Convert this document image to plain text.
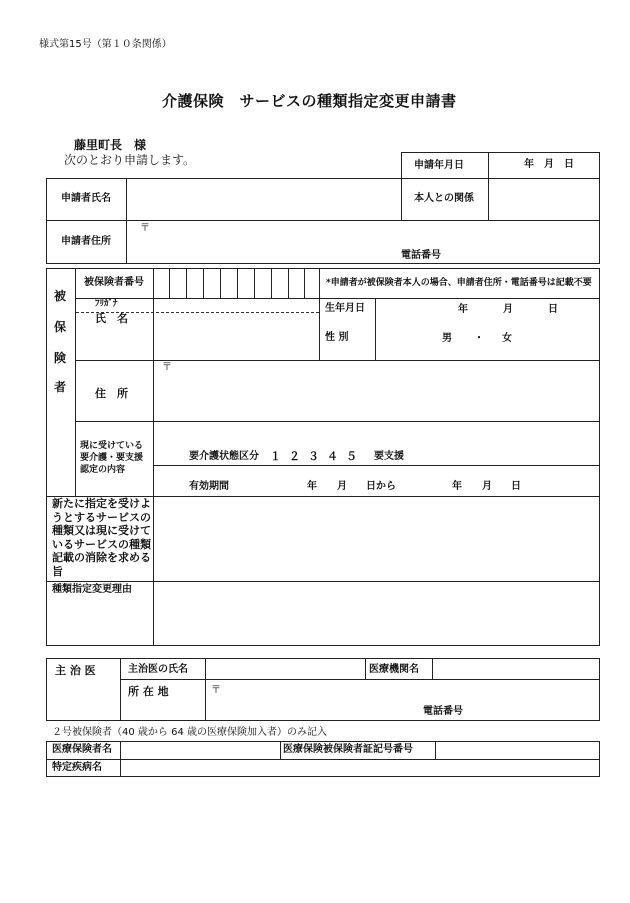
様式第15号（第１０条関係）
介護保険　サービスの種類指定変更申請書
藤里町長　様
次のとおり申請します。	申請年月日	年　月　日
申請者氏名	本人との関係
申請者住所
〒
電話番号
被
保
険
者
被保険者番号	*申請者が被保険者本人の場合、申請者住所・電話番号は記載不要
ﾌﾘｶﾞﾅ
氏　名
生年月日	年	月	日
性 別	男 ・ 女
〒
住　所
現に受けている要介護・要支援認定の内容
要介護状態区分 １ ２ ３ ４ ５ 要支援
有効期間	年 月 日から	年 月 日
新たに指定を受けようとするサービスの種類又は現に受けているサービスの種類記載の消除を求める旨
種類指定変更理由
主 治 医	主治医の氏名	医療機関名
所 在 地	〒
電話番号
２号被保険者（40 歳から 64 歳の医療保険加入者）のみ記入
医療保険者名	医療保険被保険者証記号番号
特定疾病名
